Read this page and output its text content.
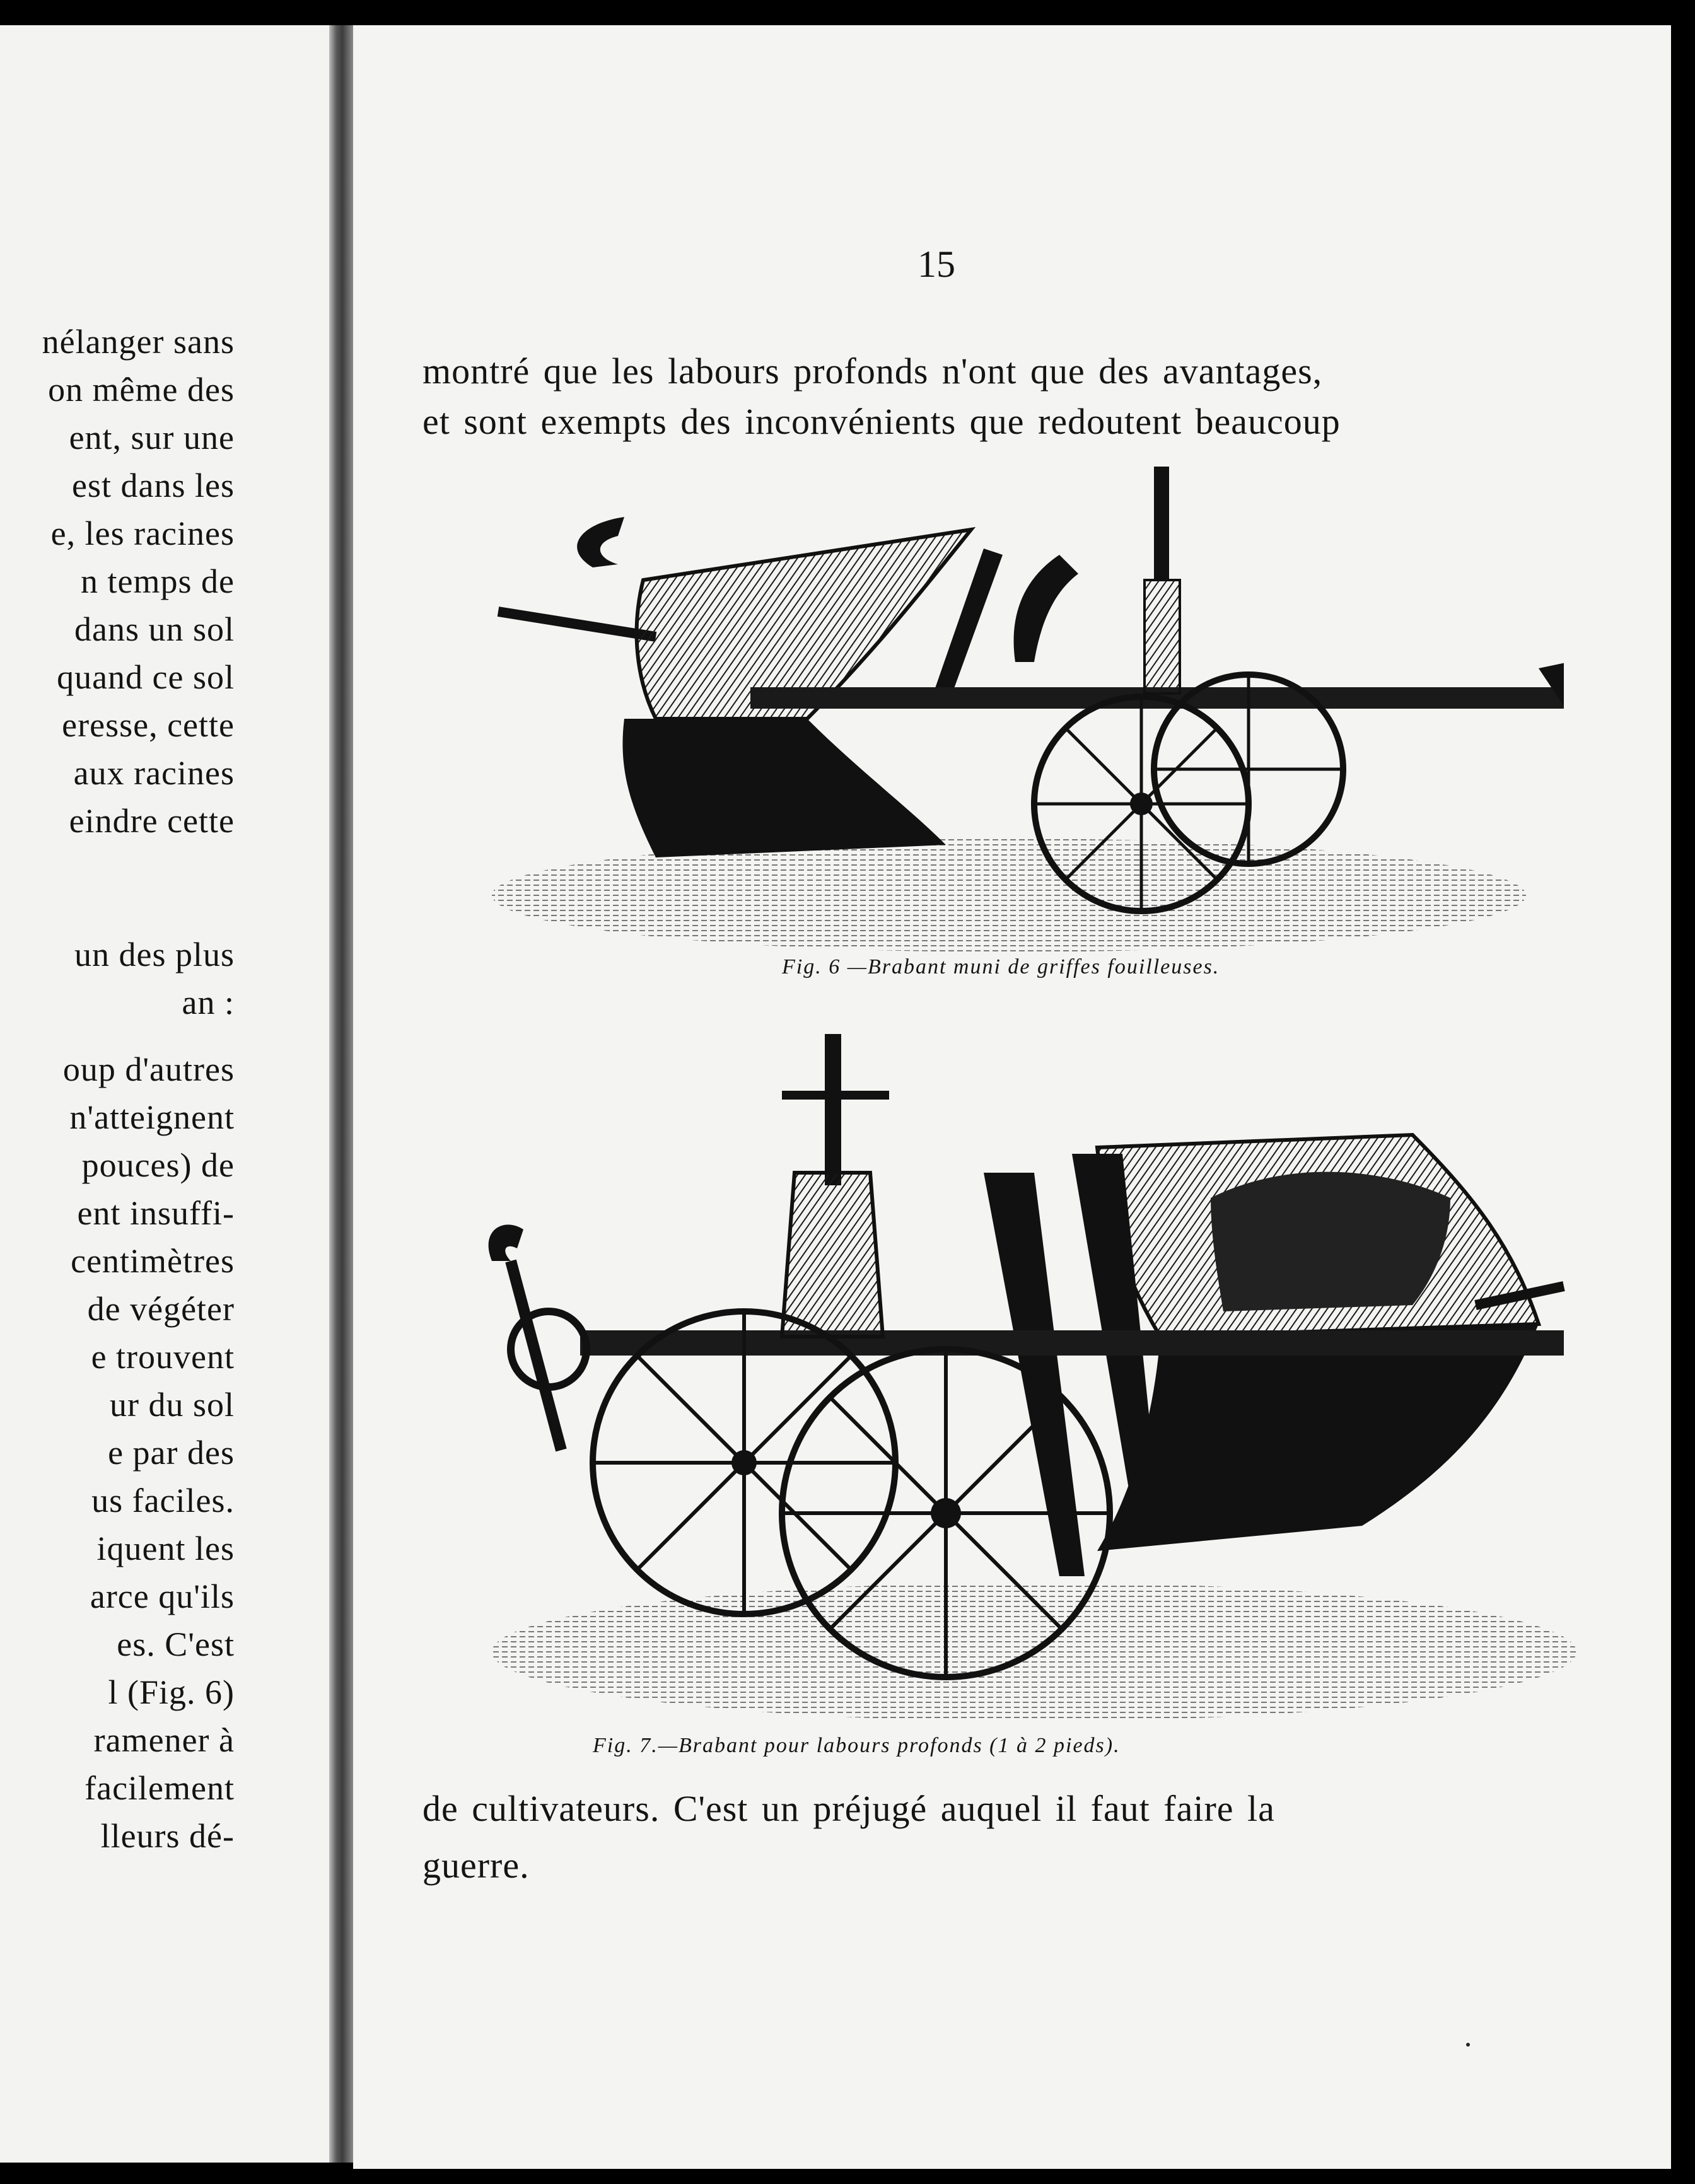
nélanger sans
on même des
ent, sur une
est dans les
e, les racines
n temps de
dans un sol
quand ce sol
eresse, cette
aux racines
eindre cette
un des plus
an :
oup d'autres
n'atteignent
pouces) de
ent insuffi-
centimètres
de végéter
e trouvent
ur du sol
e par des
us faciles.
iquent les
arce qu'ils
es. C'est
l (Fig. 6)
ramener à
facilement
lleurs dé-
15
montré que les labours profonds n'ont que des avantages,
et sont exempts des inconvénients que redoutent beaucoup
Fig. 6 —Brabant muni de griffes fouilleuses.
Fig. 7.—Brabant pour labours profonds (1 à 2 pieds).
de cultivateurs. C'est un préjugé auquel il faut faire la
guerre.
